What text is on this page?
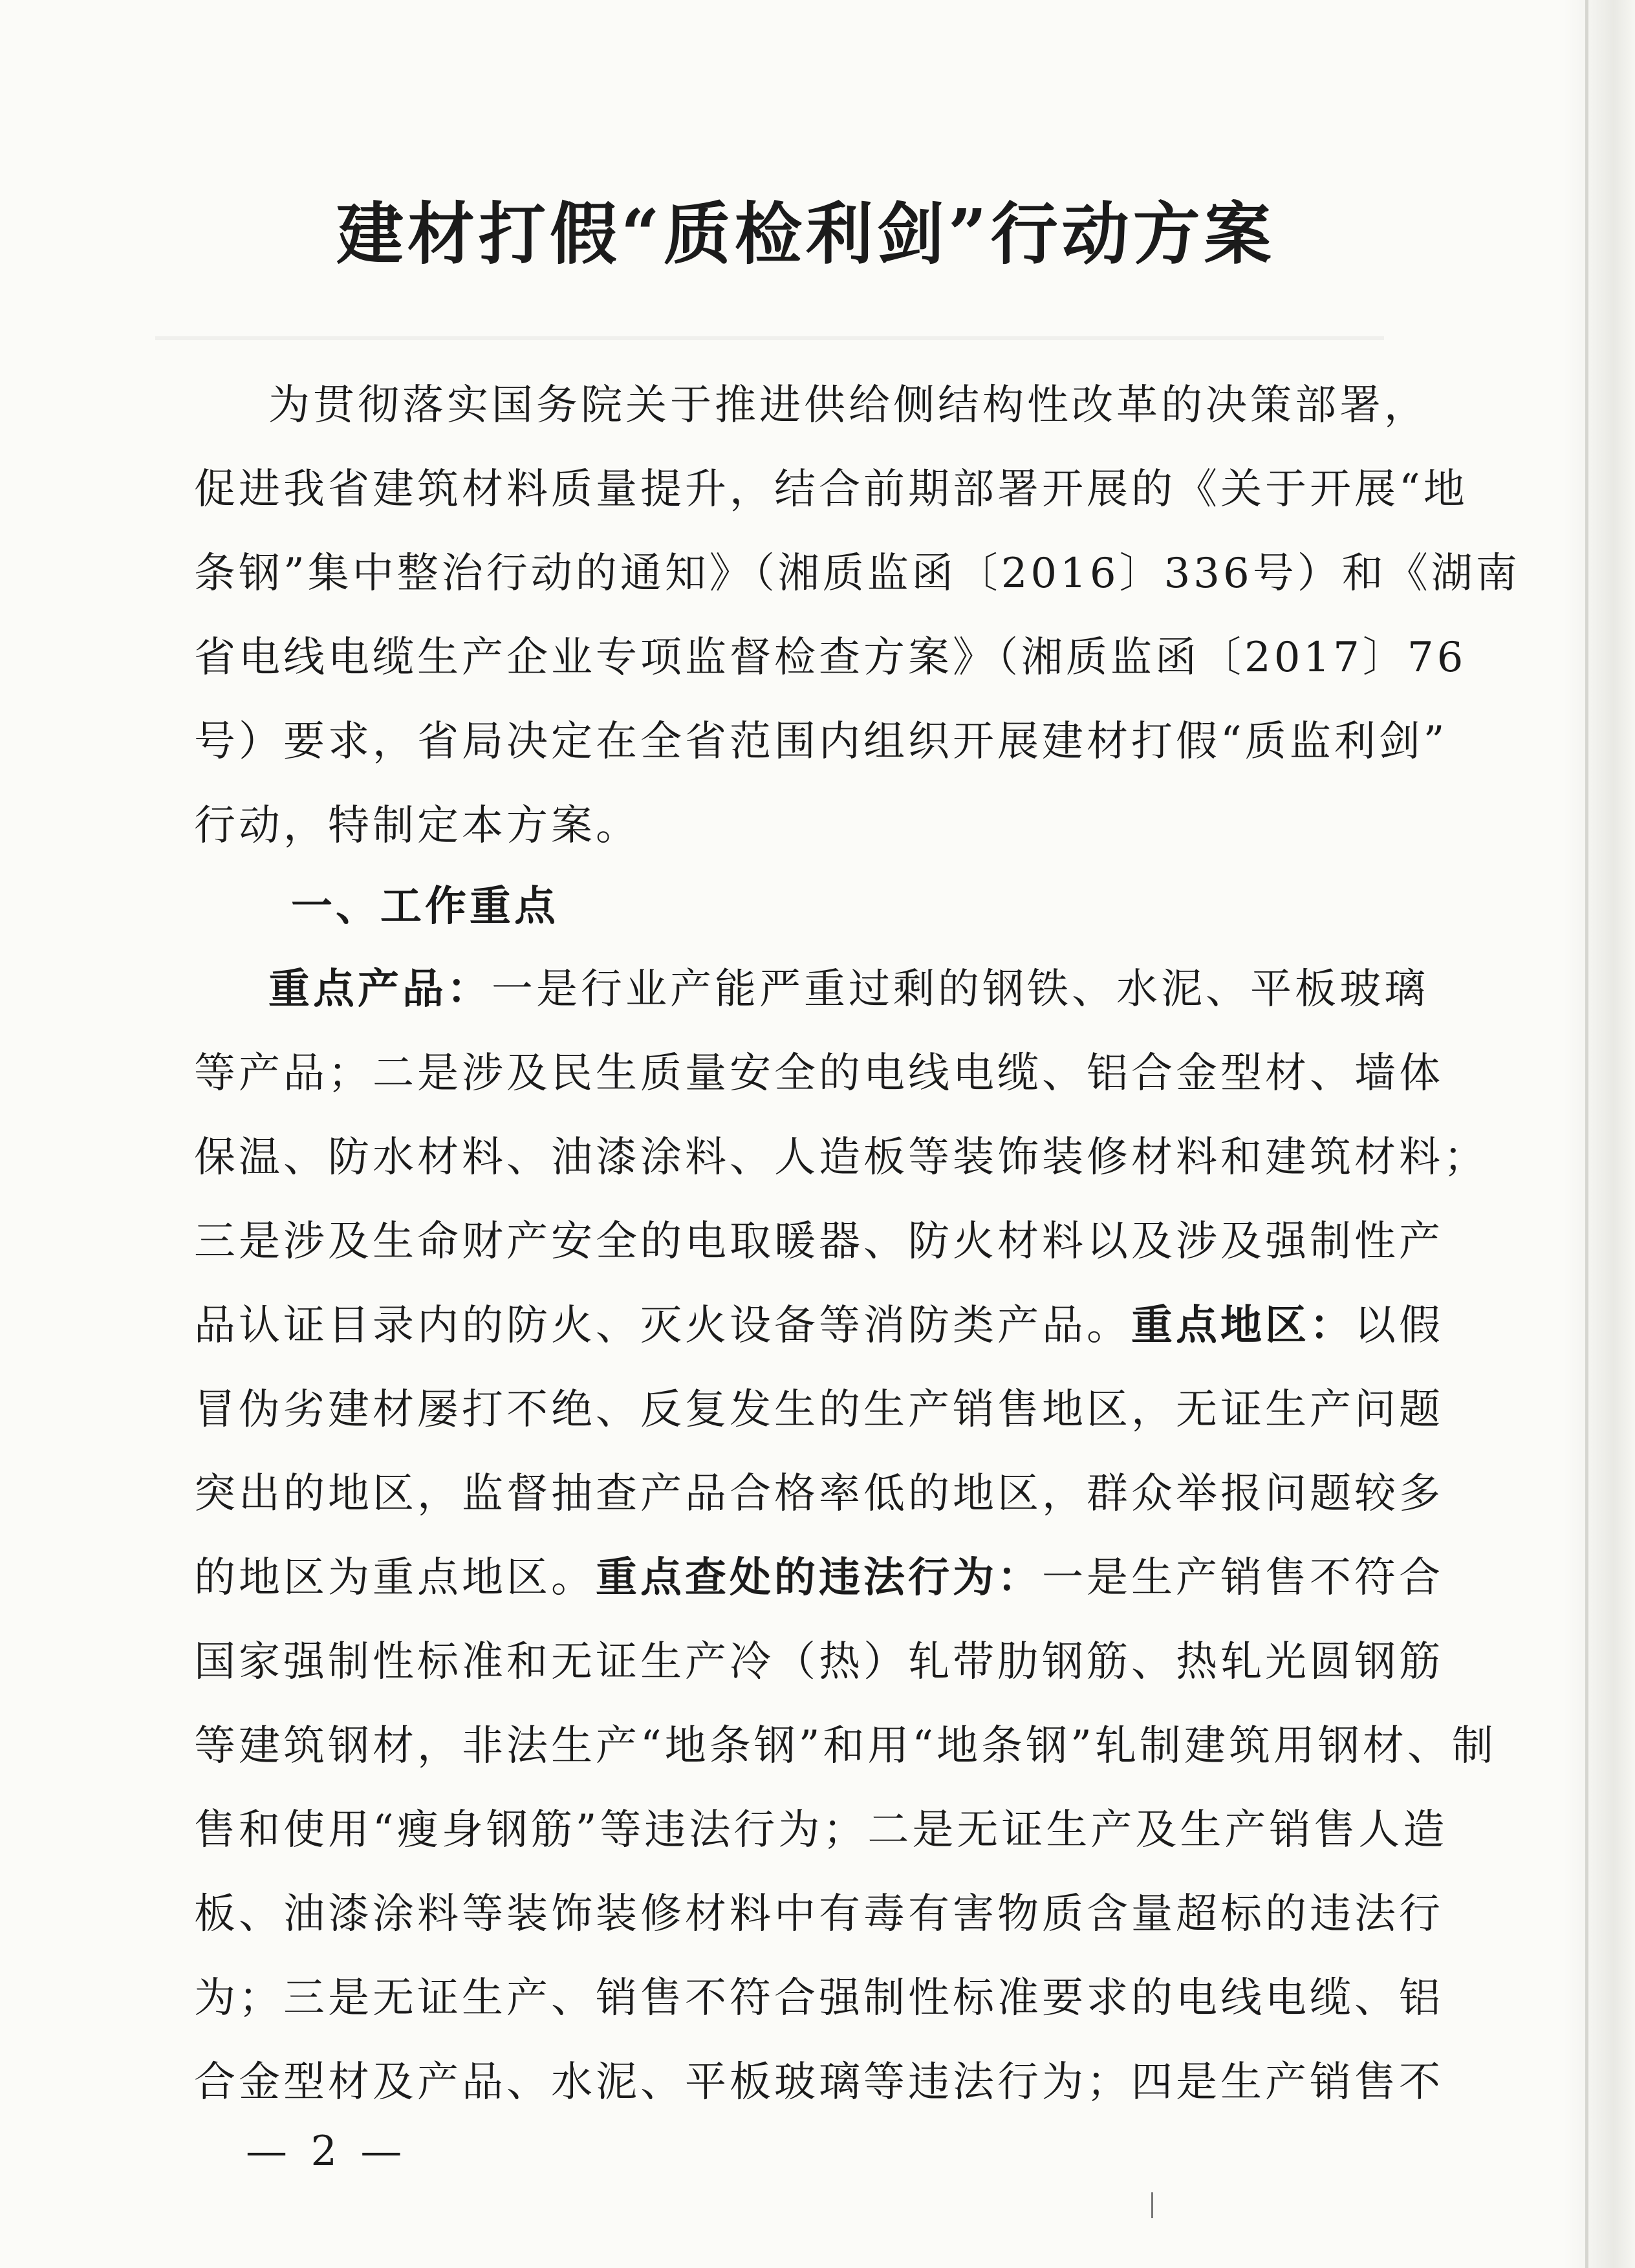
建材打假“质检利剑”行动方案
为贯彻落实国务院关于推进供给侧结构性改革的决策部署，
促进我省建筑材料质量提升，结合前期部署开展的《关于开展“地
条钢”集中整治行动的通知》（湘质监函〔2016〕336号）和《湖南
省电线电缆生产企业专项监督检查方案》（湘质监函〔2017〕76
号）要求，省局决定在全省范围内组织开展建材打假“质监利剑”
行动，特制定本方案。
一、工作重点
重点产品：一是行业产能严重过剩的钢铁、水泥、平板玻璃
等产品；二是涉及民生质量安全的电线电缆、铝合金型材、墙体
保温、防水材料、油漆涂料、人造板等装饰装修材料和建筑材料；
三是涉及生命财产安全的电取暖器、防火材料以及涉及强制性产
品认证目录内的防火、灭火设备等消防类产品。重点地区：以假
冒伪劣建材屡打不绝、反复发生的生产销售地区，无证生产问题
突出的地区，监督抽查产品合格率低的地区，群众举报问题较多
的地区为重点地区。重点查处的违法行为：一是生产销售不符合
国家强制性标准和无证生产冷（热）轧带肋钢筋、热轧光圆钢筋
等建筑钢材，非法生产“地条钢”和用“地条钢”轧制建筑用钢材、制
售和使用“瘦身钢筋”等违法行为；二是无证生产及生产销售人造
板、油漆涂料等装饰装修材料中有毒有害物质含量超标的违法行
为；三是无证生产、销售不符合强制性标准要求的电线电缆、铝
合金型材及产品、水泥、平板玻璃等违法行为；四是生产销售不
— 2 —
